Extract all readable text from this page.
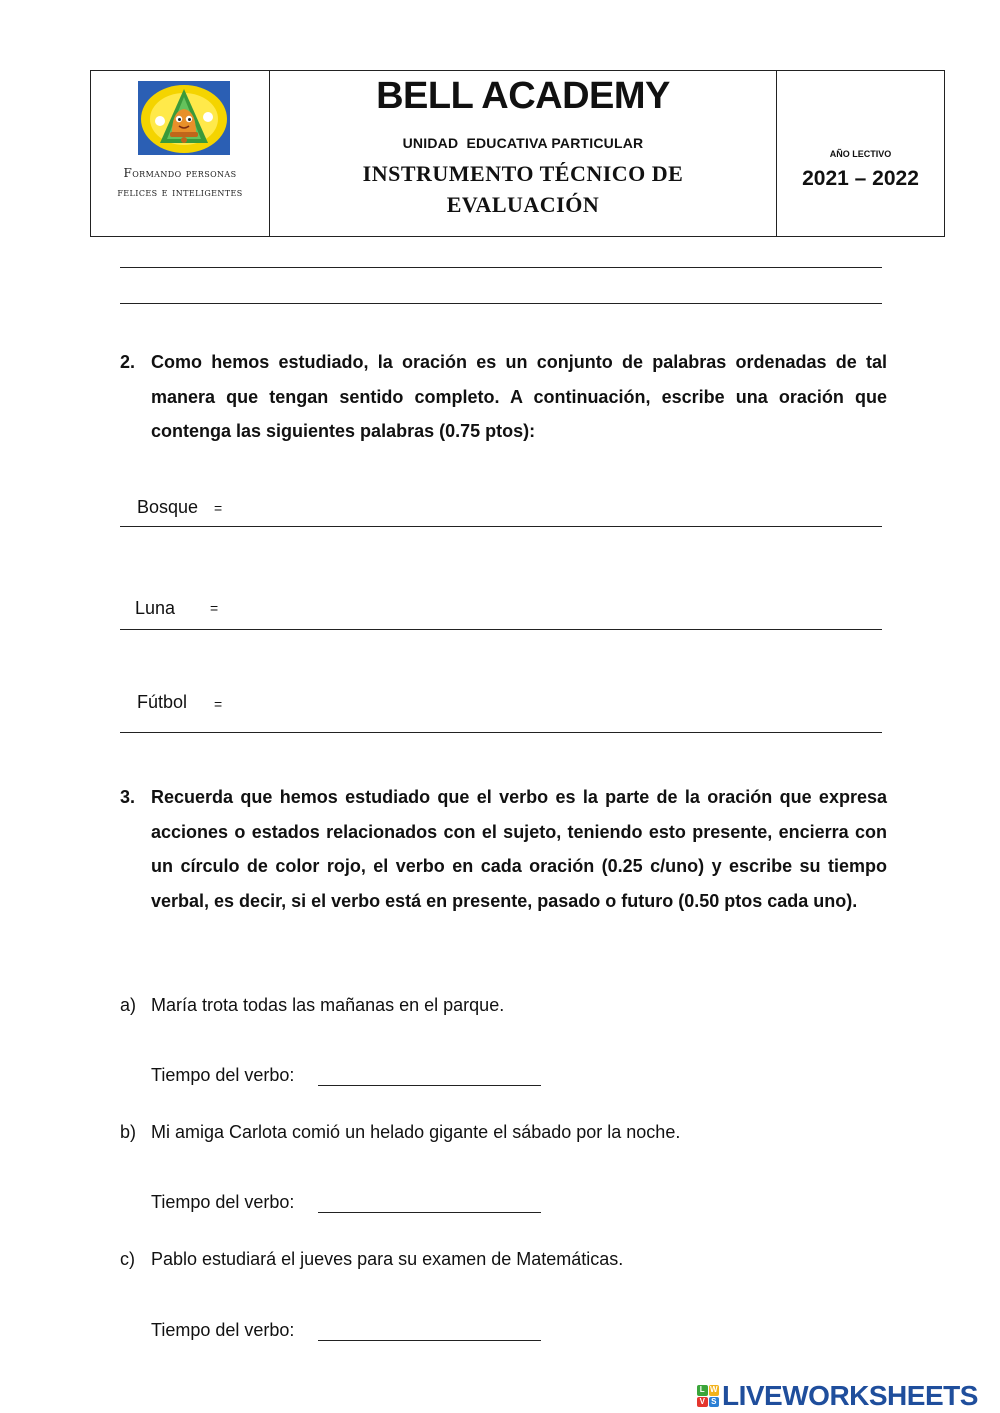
Formando personas
felices e inteligentes
BELL ACADEMY
UNIDAD  EDUCATIVA PARTICULAR
INSTRUMENTO TÉCNICO DE
EVALUACIÓN
AÑO LECTIVO
2021 – 2022
2. Como hemos estudiado, la oración es un conjunto de palabras ordenadas de tal manera que tengan sentido completo. A continuación, escribe una oración que contenga las siguientes palabras (0.75 ptos):
Bosque =
Luna =
Fútbol =
3. Recuerda que hemos estudiado que el verbo es la parte de la oración que expresa acciones o estados relacionados con el sujeto, teniendo esto presente, encierra con un círculo de color rojo, el verbo en cada oración (0.25 c/uno) y escribe su tiempo verbal, es decir, si el verbo está en presente, pasado o futuro (0.50 ptos cada uno).
a) María trota todas las mañanas en el parque.
Tiempo del verbo:
b) Mi amiga Carlota comió un helado gigante el sábado por la noche.
Tiempo del verbo:
c) Pablo estudiará el jueves para su examen de Matemáticas.
Tiempo del verbo:
L W
V S LIVEWORKSHEETS
